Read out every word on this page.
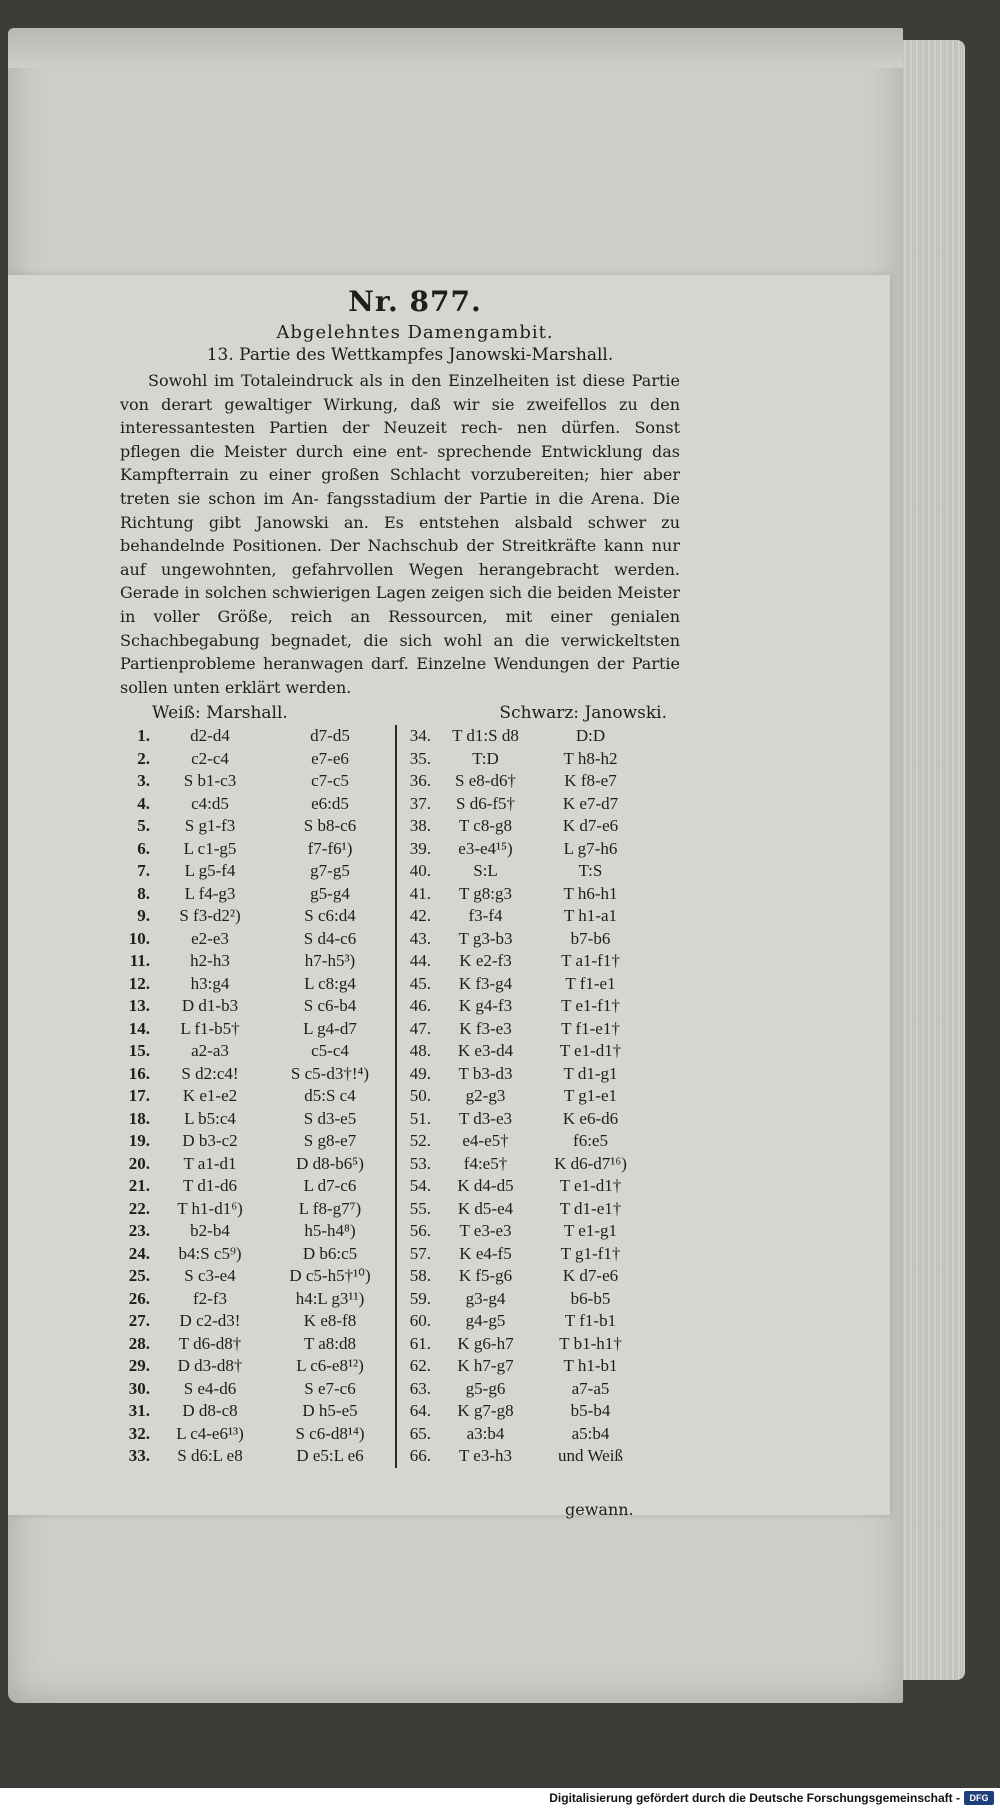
Nr. 877.
Abgelehntes Damengambit.
13. Partie des Wettkampfes Janowski-Marshall.
Sowohl im Totaleindruck als in den Einzelheiten ist diese Partie von derart gewaltiger Wirkung, daß wir sie zweifellos zu den interessantesten Partien der Neuzeit rech- nen dürfen. Sonst pflegen die Meister durch eine ent- sprechende Entwicklung das Kampfterrain zu einer großen Schlacht vorzubereiten; hier aber treten sie schon im An- fangsstadium der Partie in die Arena. Die Richtung gibt Janowski an. Es entstehen alsbald schwer zu behandelnde Positionen. Der Nachschub der Streitkräfte kann nur auf ungewohnten, gefahrvollen Wegen herangebracht werden. Gerade in solchen schwierigen Lagen zeigen sich die beiden Meister in voller Größe, reich an Ressourcen, mit einer genialen Schachbegabung begnadet, die sich wohl an die verwickeltsten Partienprobleme heranwagen darf. Einzelne Wendungen der Partie sollen unten erklärt werden.
Weiß: Marshall.	Schwarz: Janowski.
1.	d2-d4	d7-d5
2.	c2-c4	e7-e6
3.	S b1-c3	c7-c5
4.	c4:d5	e6:d5
5.	S g1-f3	S b8-c6
6.	L c1-g5	f7-f6¹)
7.	L g5-f4	g7-g5
8.	L f4-g3	g5-g4
9.	S f3-d2²)	S c6:d4
10.	e2-e3	S d4-c6
11.	h2-h3	h7-h5³)
12.	h3:g4	L c8:g4
13.	D d1-b3	S c6-b4
14.	L f1-b5†	L g4-d7
15.	a2-a3	c5-c4
16.	S d2:c4!	S c5-d3†!⁴)
17.	K e1-e2	d5:S c4
18.	L b5:c4	S d3-e5
19.	D b3-c2	S g8-e7
20.	T a1-d1	D d8-b6⁵)
21.	T d1-d6	L d7-c6
22.	T h1-d1⁶)	L f8-g7⁷)
23.	b2-b4	h5-h4⁸)
24.	b4:S c5⁹)	D b6:c5
25.	S c3-e4	D c5-h5†¹⁰)
26.	f2-f3	h4:L g3¹¹)
27.	D c2-d3!	K e8-f8
28.	T d6-d8†	T a8:d8
29.	D d3-d8†	L c6-e8¹²)
30.	S e4-d6	S e7-c6
31.	D d8-c8	D h5-e5
32.	L c4-e6¹³)	S c6-d8¹⁴)
33.	S d6:L e8	D e5:L e6
34.	T d1:S d8	D:D
35.	T:D	T h8-h2
36.	S e8-d6†	K f8-e7
37.	S d6-f5†	K e7-d7
38.	T c8-g8	K d7-e6
39.	e3-e4¹⁵)	L g7-h6
40.	S:L	T:S
41.	T g8:g3	T h6-h1
42.	f3-f4	T h1-a1
43.	T g3-b3	b7-b6
44.	K e2-f3	T a1-f1†
45.	K f3-g4	T f1-e1
46.	K g4-f3	T e1-f1†
47.	K f3-e3	T f1-e1†
48.	K e3-d4	T e1-d1†
49.	T b3-d3	T d1-g1
50.	g2-g3	T g1-e1
51.	T d3-e3	K e6-d6
52.	e4-e5†	f6:e5
53.	f4:e5†	K d6-d7¹⁶)
54.	K d4-d5	T e1-d1†
55.	K d5-e4	T d1-e1†
56.	T e3-e3	T e1-g1
57.	K e4-f5	T g1-f1†
58.	K f5-g6	K d7-e6
59.	g3-g4	b6-b5
60.	g4-g5	T f1-b1
61.	K g6-h7	T b1-h1†
62.	K h7-g7	T h1-b1
63.	g5-g6	a7-a5
64.	K g7-g8	b5-b4
65.	a3:b4	a5:b4
66.	T e3-h3	und Weiß
gewann.
Digitalisierung gefördert durch die Deutsche Forschungsgemeinschaft -	DFG
